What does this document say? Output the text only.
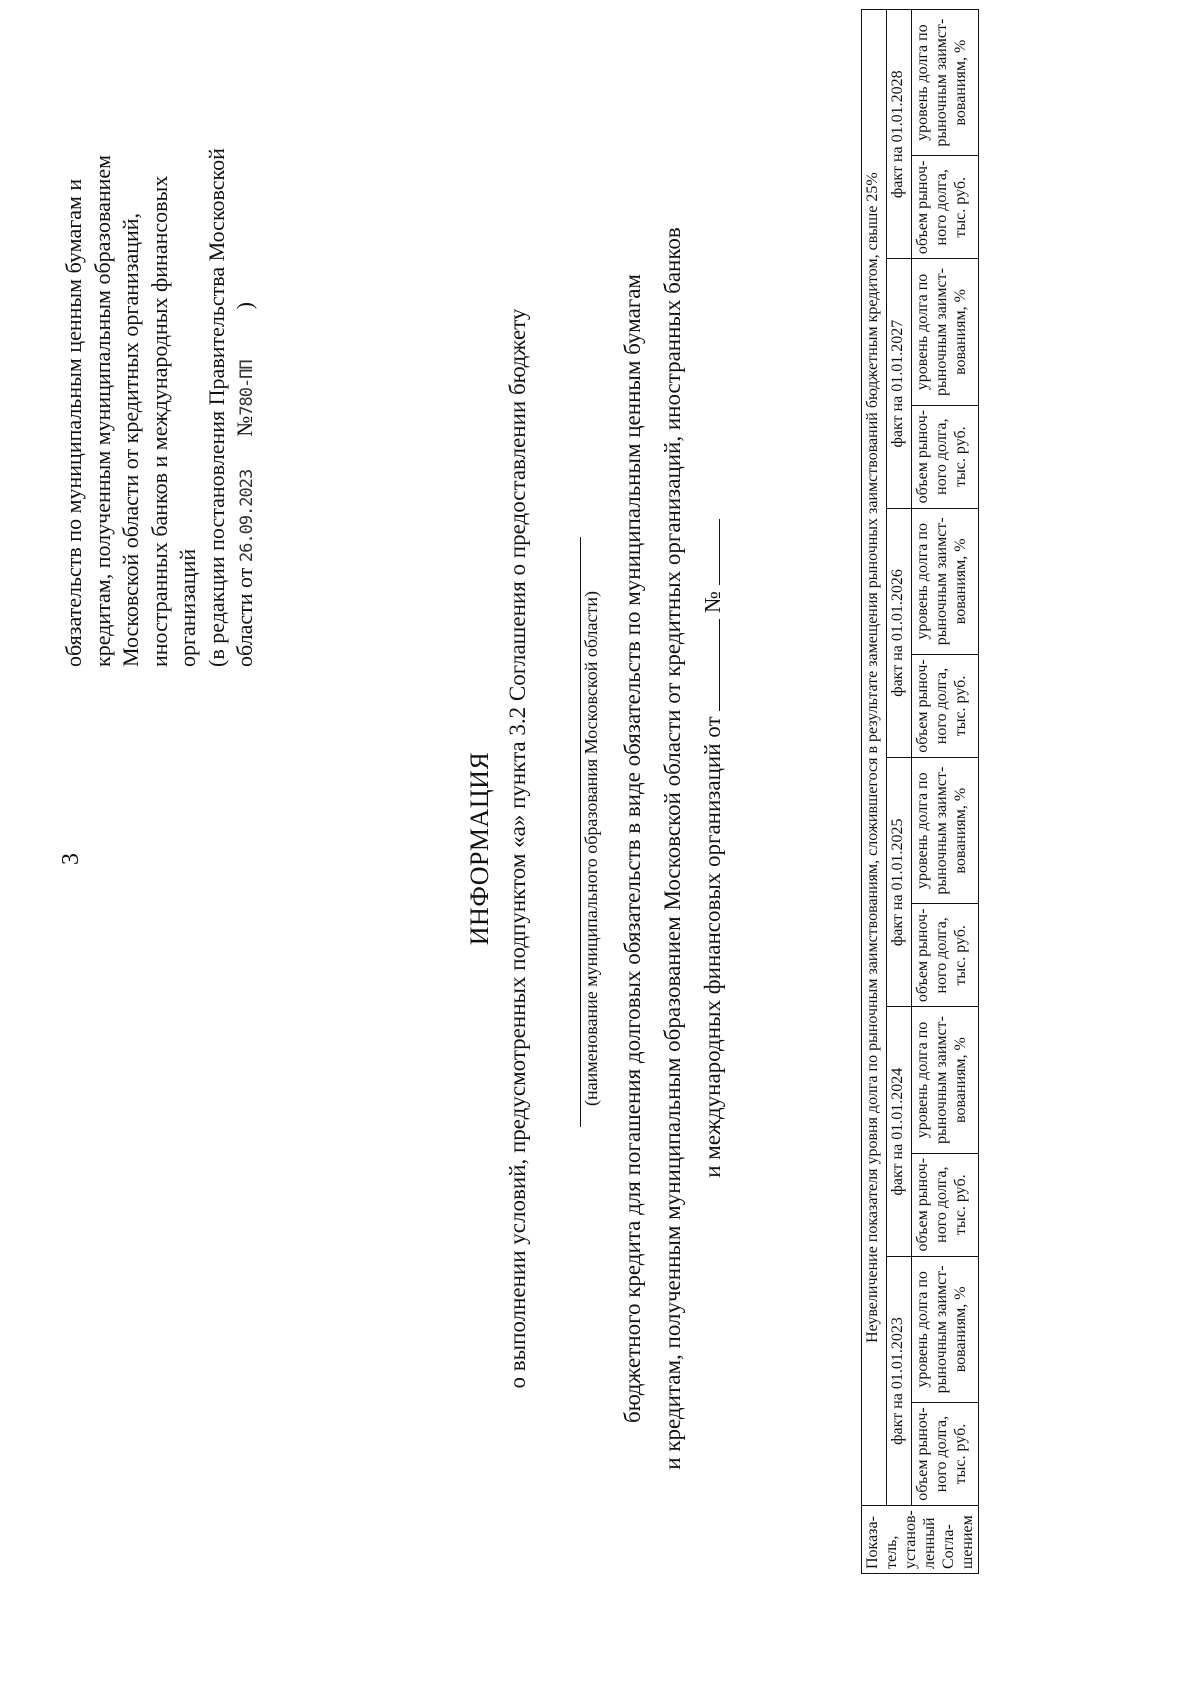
3
обязательств по муниципальным ценным бумагам и кредитам, полученным муниципальным образованием Московской области от кредитных организаций, иностранных банков и международных финансовых организаций (в редакции постановления Правительства Московской области от 26.09.2023  №780-ПП  )
ИНФОРМАЦИЯ о выполнении условий, предусмотренных подпунктом «а» пункта 3.2 Соглашения о предоставлении бюджету	(наименование муниципального образования Московской области) бюджетного кредита для погашения долговых обязательств в виде обязательств по муниципальным ценным бумагам и кредитам, полученным муниципальным образованием Московской области от кредитных организаций, иностранных банков и международных финансовых организаций от  №
Показа-тель, установ-ленный Согла-шением	Неувеличение показателя уровня долга по рыночным заимствованиям, сложившегося в результате замещения рыночных заимствований бюджетным кредитом, свыше 25%											
	факт на 01.01.2023		факт на 01.01.2024		факт на 01.01.2025		факт на 01.01.2026		факт на 01.01.2027		факт на 01.01.2028	
	объем рыноч-ного долга, тыс. руб.	уровень долга по рыночным заимст-вованиям, %	объем рыноч-ного долга, тыс. руб.	уровень долга по рыночным заимст-вованиям, %	объем рыноч-ного долга, тыс. руб.	уровень долга по рыночным заимст-вованиям, %	объем рыноч-ного долга, тыс. руб.	уровень долга по рыночным заимст-вованиям, %	объем рыноч-ного долга, тыс. руб.	уровень долга по рыночным заимст-вованиям, %	объем рыноч-ного долга, тыс. руб.	уровень долга по рыночным заимст-вованиям, %
